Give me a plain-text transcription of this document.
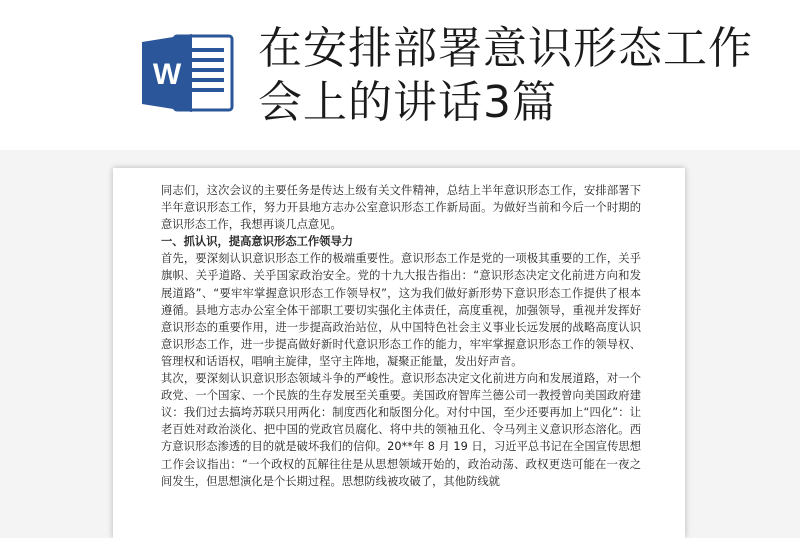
W
在安排部署意识形态工作会上的讲话3篇

同志们，这次会议的主要任务是传达上级有关文件精神，总结上半年意识形态工作，安排部署下半年意识形态工作，努力开县地方志办公室意识形态工作新局面。为做好当前和今后一个时期的意识形态工作，我想再谈几点意见。

一、抓认识，提高意识形态工作领导力

首先，要深刻认识意识形态工作的极端重要性。意识形态工作是党的一项极其重要的工作，关乎旗帜、关乎道路、关乎国家政治安全。党的十九大报告指出：“意识形态决定文化前进方向和发展道路”、“要牢牢掌握意识形态工作领导权”，这为我们做好新形势下意识形态工作提供了根本遵循。县地方志办公室全体干部职工要切实强化主体责任，高度重视，加强领导，重视并发挥好意识形态的重要作用，进一步提高政治站位，从中国特色社会主义事业长远发展的战略高度认识意识形态工作，进一步提高做好新时代意识形态工作的能力，牢牢掌握意识形态工作的领导权、管理权和话语权，唱响主旋律，坚守主阵地，凝聚正能量，发出好声音。

其次，要深刻认识意识形态领域斗争的严峻性。意识形态决定文化前进方向和发展道路，对一个政党、一个国家、一个民族的生存发展至关重要。美国政府智库兰德公司一教授曾向美国政府建议：我们过去搞垮苏联只用两化：制度西化和版图分化。对付中国，至少还要再加上“四化”：让老百姓对政治淡化、把中国的党政官员腐化、将中共的领袖丑化、令马列主义意识形态溶化。西方意识形态渗透的目的就是破坏我们的信仰。20**年 8 月 19 日，习近平总书记在全国宣传思想工作会议指出：“一个政权的瓦解往往是从思想领域开始的，政治动荡、政权更迭可能在一夜之间发生，但思想演化是个长期过程。思想防线被攻破了，其他防线就
